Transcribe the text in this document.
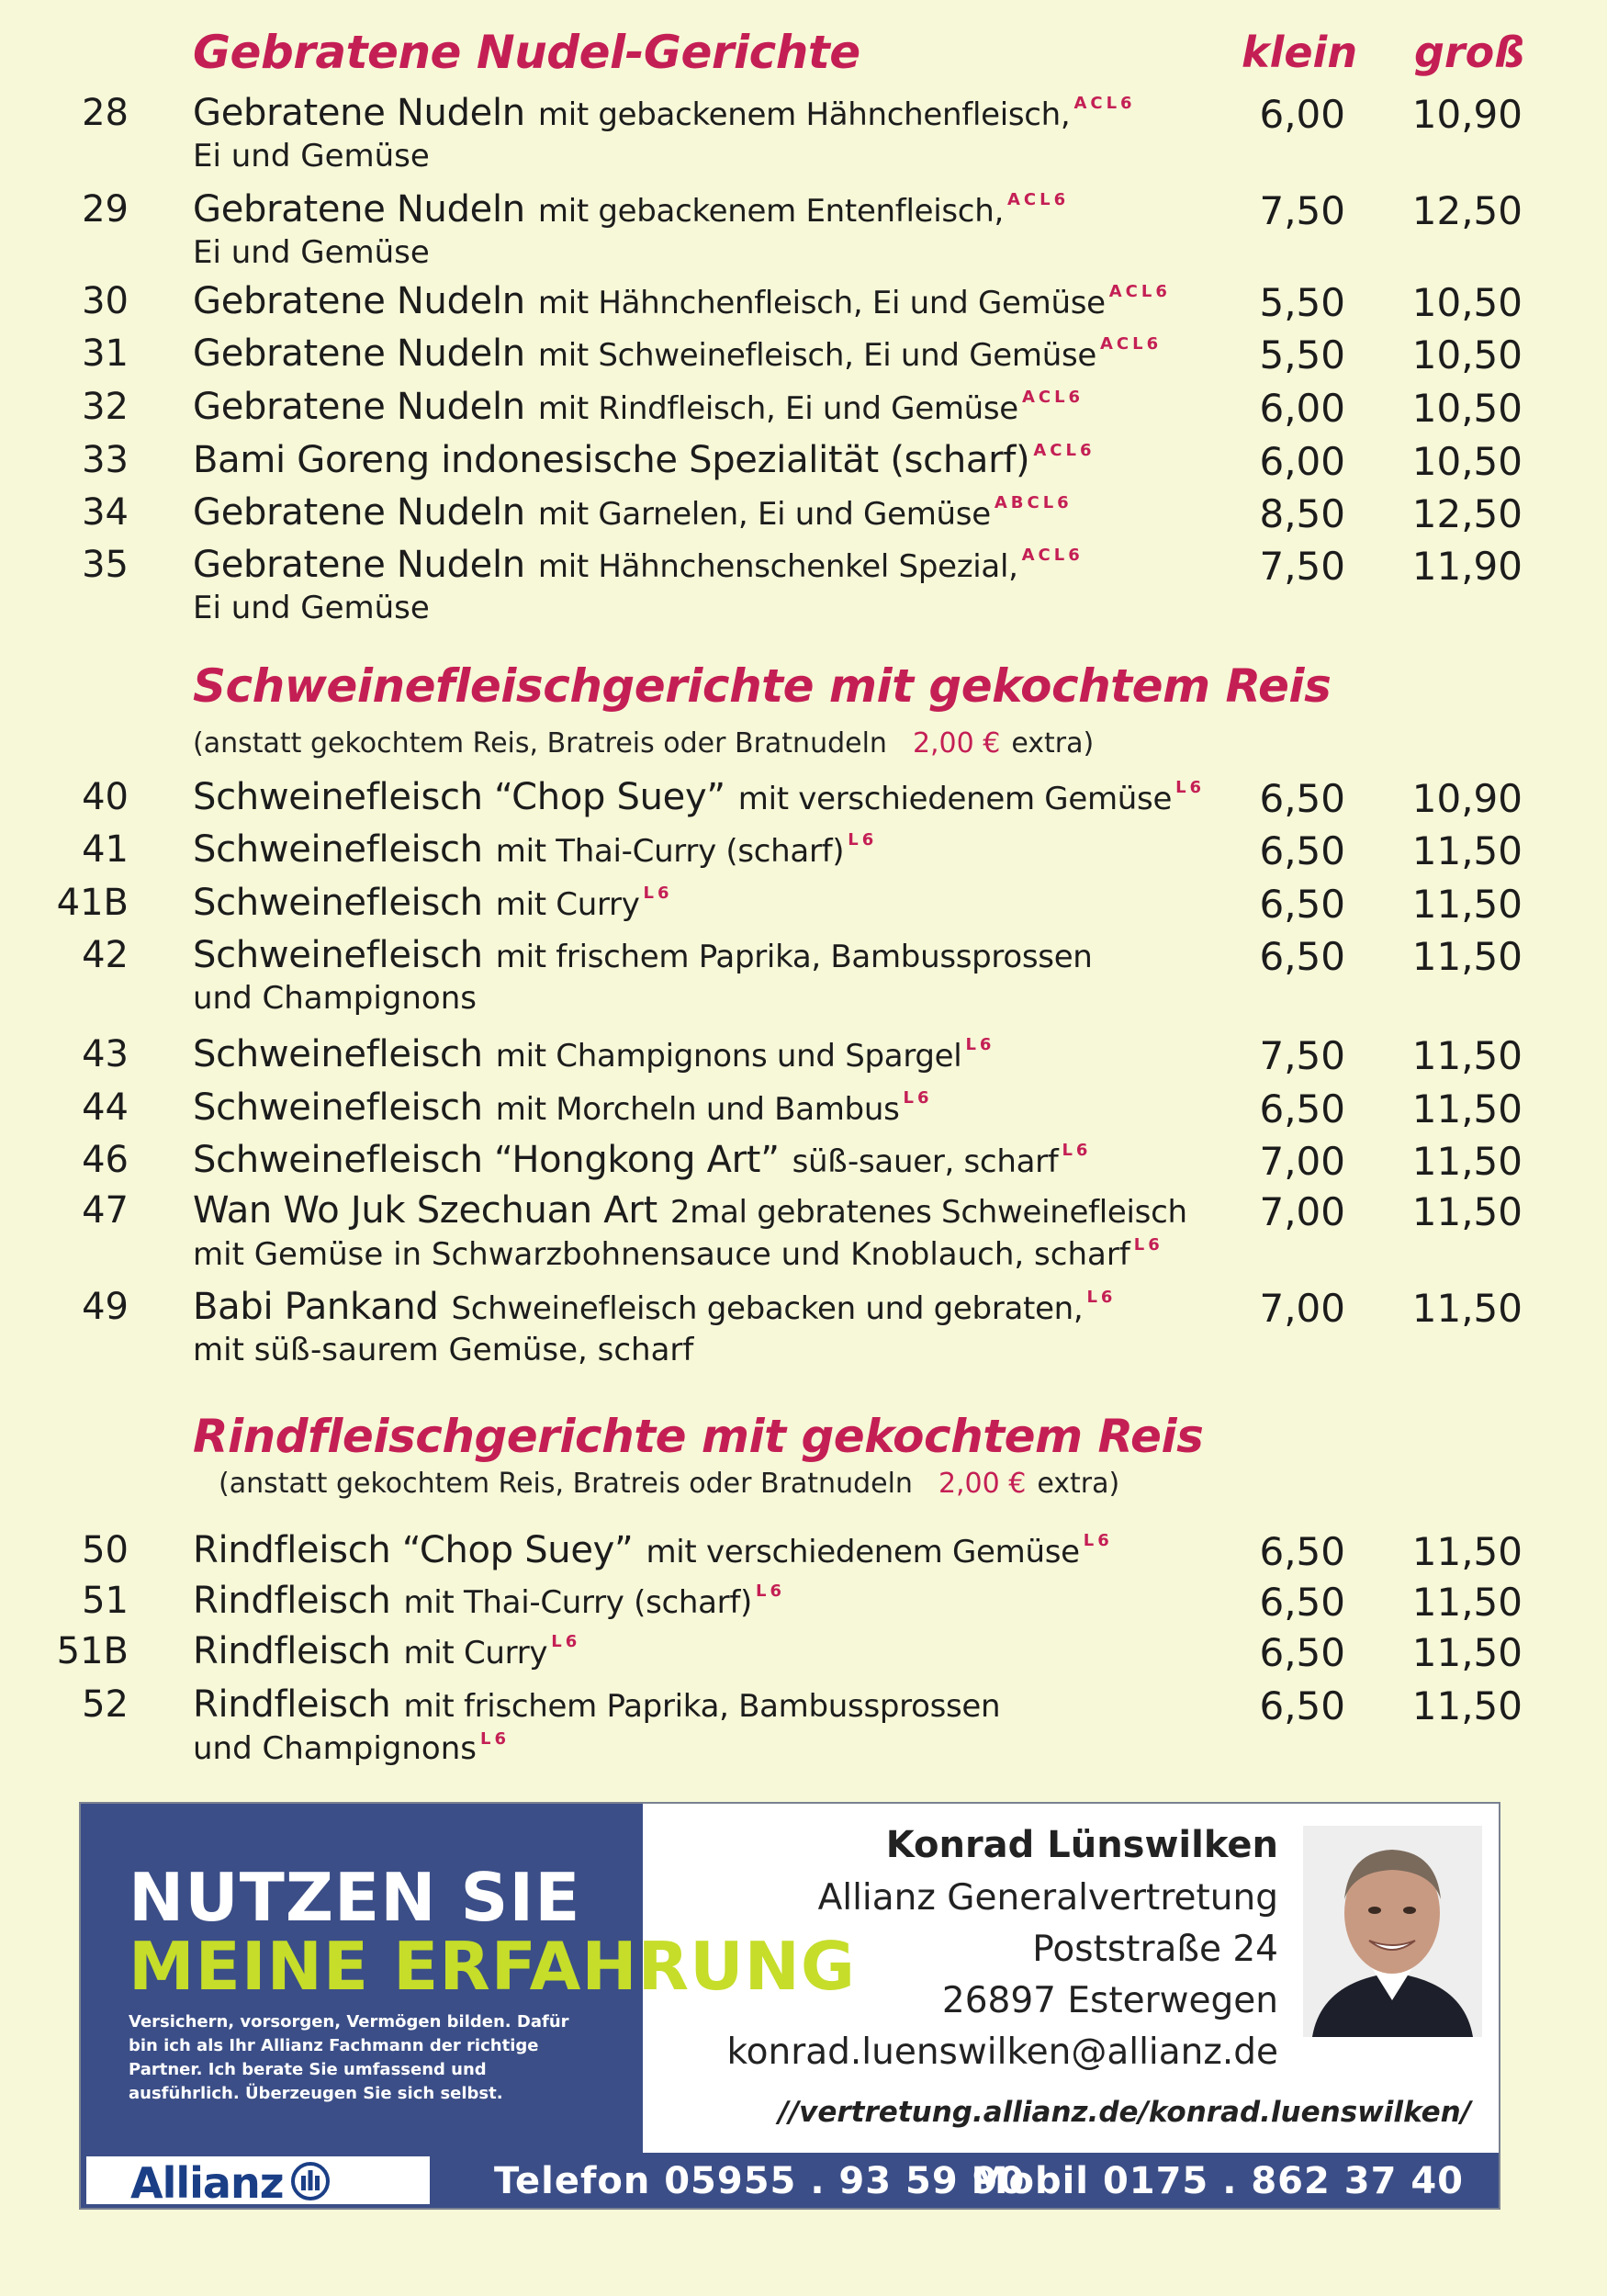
klein groß
Gebratene Nudel-Gerichte
28 Gebratene Nudeln mit gebackenem Hähnchenfleisch, $^{ACL6}$
Ei und Gemüse
6,00 10,90
29 Gebratene Nudeln mit gebackenem Entenfleisch, $^{ACL6}$
Ei und Gemüse
7,50 12,50
30 Gebratene Nudeln mit Hähnchenfleisch, Ei und Gemüse $^{ACL6}$ 5,50 10,50
31 Gebratene Nudeln mit Schweinefleisch, Ei und Gemüse $^{ACL6}$	5,50 10,50
32 Gebratene Nudeln mit Rindfleisch, Ei und Gemüse $^{ACL6}$	6,00 10,50
33 Bami Goreng indonesische Spezialität (scharf) $^{ACL6}$	6,00 10,50
34 Gebratene Nudeln mit Garnelen, Ei und Gemüse $^{ABCL6}$	8,50 12,50
35 Gebratene Nudeln mit Hähnchenschenkel Spezial, $^{ACL6}$
Ei und Gemüse
7,50 11,90
Schweinefleischgerichte mit gekochtem Reis
(anstatt gekochtem Reis, Bratreis oder Bratnudeln 2,00 € extra)
40 Schweinefleisch “Chop Suey” mit verschiedenem Gemüse $^{L6}$ 6,50 10,90
41 Schweinefleisch mit Thai-Curry (scharf) $^{L6}$	6,50 11,50
41B Schweinefleisch mit Curry $^{L6}$	6,50 11,50
42 Schweinefleisch mit frischem Paprika, Bambussprossen
und Champignons
6,50 11,50
43 Schweinefleisch mit Champignons und Spargel $^{L6}$	7,50 11,50
44 Schweinefleisch mit Morcheln und Bambus $^{L6}$	6,50 11,50
46 Schweinefleisch “Hongkong Art” süß-sauer, scharf $^{L6}$	7,00 11,50
47 Wan Wo Juk Szechuan Art 2mal gebratenes Schweinefleisch
mit Gemüse in Schwarzbohnensauce und Knoblauch, scharf $^{L6}$
7,00 11,50
49 Babi Pankand Schweinefleisch gebacken und gebraten, $^{L6}$
mit süß-saurem Gemüse, scharf
7,00 11,50
Rindfleischgerichte mit gekochtem Reis
(anstatt gekochtem Reis, Bratreis oder Bratnudeln 2,00 € extra)
50 Rindfleisch “Chop Suey” mit verschiedenem Gemüse $^{L6}$	6,50 11,50
51 Rindfleisch mit Thai-Curry (scharf) $^{L6}$	6,50 11,50
51B Rindfleisch mit Curry $^{L6}$	6,50 11,50
52 Rindfleisch mit frischem Paprika, Bambussprossen
und Champignons $^{L6}$
6,50 11,50
NUTZEN SIE
MEINE ERFAHRUNG
Versichern, vorsorgen, Vermögen bilden. Dafür bin ich als Ihr Allianz Fachmann der richtige Partner. Ich berate Sie umfassend und ausführlich. Überzeugen Sie sich selbst.
Konrad Lünswilken
Allianz Generalvertretung
Poststraße 24
26897 Esterwegen
konrad.luenswilken@allianz.de
//vertretung.allianz.de/konrad.luenswilken/
Allianz	Telefon 05955 . 93 59 90
Mobil 0175 . 862 37 40
